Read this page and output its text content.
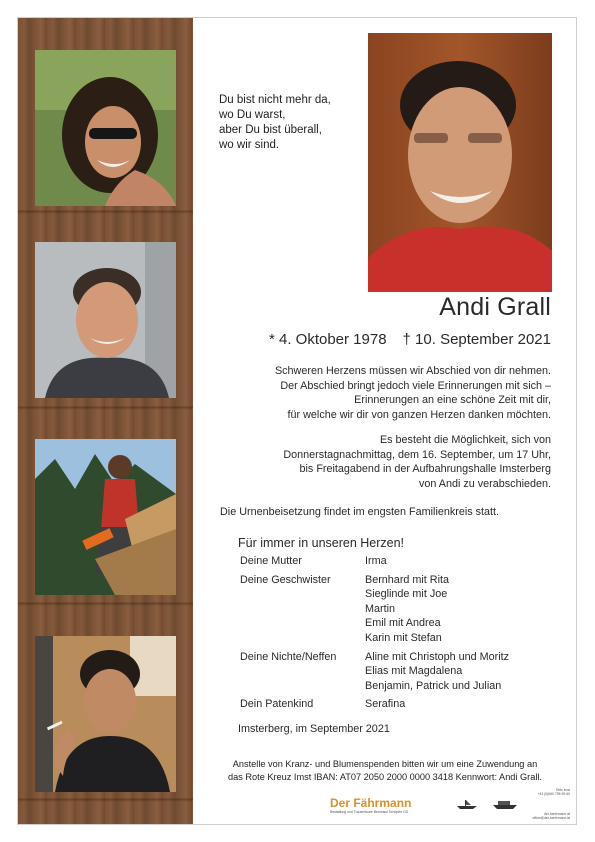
Du bist nicht mehr da,
wo Du warst,
aber Du bist überall,
wo wir sind.
Andi Grall
* 4. Oktober 1978 † 10. September 2021
Schweren Herzens müssen wir Abschied von dir nehmen.
Der Abschied bringt jedoch viele Erinnerungen mit sich –
Erinnerungen an eine schöne Zeit mit dir,
für welche wir dir von ganzen Herzen danken möchten.
Es besteht die Möglichkeit, sich von
Donnerstagnachmittag, dem 16. September, um 17 Uhr,
bis Freitagabend in der Aufbahrungshalle Imsterberg
von Andi zu verabschieden.
Die Urnenbeisetzung findet im engsten Familienkreis statt.
Für immer in unseren Herzen!
Deine Mutter	Irma
Deine Geschwister	Bernhard mit Rita
Sieglinde mit Joe
Martin
Emil mit Andrea
Karin mit Stefan
Deine Nichte/Neffen	Aline mit Christoph und Moritz
Elias mit Magdalena
Benjamin, Patrick und Julian
Dein Patenkind	Serafina
Imsterberg, im September 2021
Anstelle von Kranz- und Blumenspenden bitten wir um eine Zuwendung an
das Rote Kreuz Imst IBAN: AT07 2050 2000 0000 3418 Kennwort: Andi Grall.
Der Fährmann
Bestattung und Trauerrituale Bernhard Schöpfer OG
Telfs Imst
+43 (0)660 795 99 60
der-faehrmann.at
office@der-faehrmann.at
